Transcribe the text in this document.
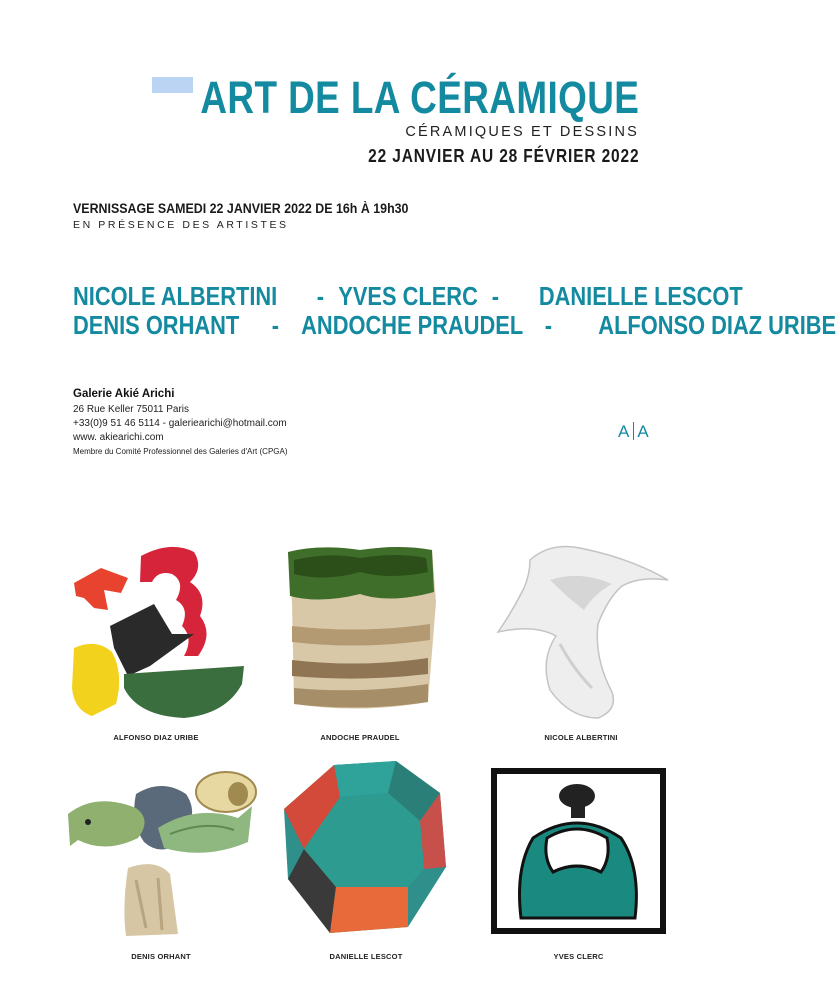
ART DE LA CÉRAMIQUE
CÉRAMIQUES ET DESSINS
22 JANVIER AU 28 FÉVRIER 2022
VERNISSAGE SAMEDI 22 JANVIER 2022 DE 16h À 19h30
EN PRÉSENCE DES ARTISTES
NICOLE ALBERTINI - YVES CLERC - DANIELLE LESCOT
DENIS ORHANT - ANDOCHE PRAUDEL - ALFONSO DIAZ URIBE
Galerie Akié Arichi
26 Rue Keller 75011 Paris
+33(0)9 51 46 5114 - galeriearichi@hotmail.com
www. akiearichi.com
Membre du Comité Professionnel des Galeries d'Art (CPGA)
A A
ALFONSO DIAZ URIBE	ANDOCHE PRAUDEL	NICOLE ALBERTINI
DENIS ORHANT	DANIELLE LESCOT	YVES CLERC
